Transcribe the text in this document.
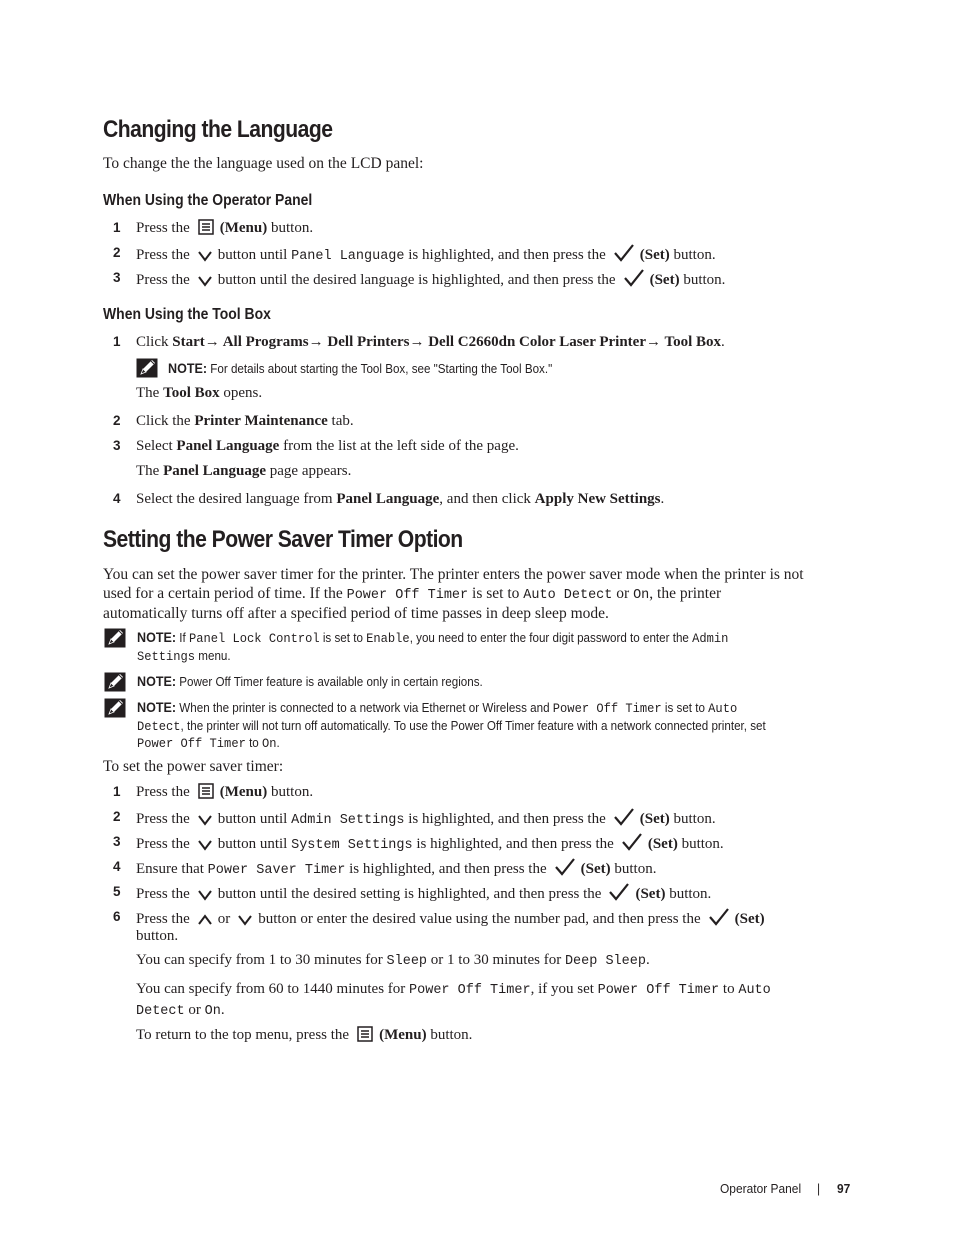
Changing the Language
To change the the language used on the LCD panel:
When Using the Operator Panel
1 Press the (Menu) button.
2 Press the button until Panel Language is highlighted, and then press the (Set) button.
3 Press the button until the desired language is highlighted, and then press the (Set) button.
When Using the Tool Box
1 Click Start→ All Programs→ Dell Printers→ Dell C2660dn Color Laser Printer→ Tool Box.
NOTE: For details about starting the Tool Box, see "Starting the Tool Box."
The Tool Box opens.
2 Click the Printer Maintenance tab.
3 Select Panel Language from the list at the left side of the page.
The Panel Language page appears.
4 Select the desired language from Panel Language, and then click Apply New Settings.
Setting the Power Saver Timer Option
You can set the power saver timer for the printer. The printer enters the power saver mode when the printer is not
used for a certain period of time. If the Power Off Timer is set to Auto Detect or On, the printer
automatically turns off after a specified period of time passes in deep sleep mode.
NOTE: If Panel Lock Control is set to Enable, you need to enter the four digit password to enter the Admin
Settings menu.
NOTE: Power Off Timer feature is available only in certain regions.
NOTE: When the printer is connected to a network via Ethernet or Wireless and Power Off Timer is set to Auto
Detect, the printer will not turn off automatically. To use the Power Off Timer feature with a network connected printer, set
Power Off Timer to On.
To set the power saver timer:
1 Press the (Menu) button.
2 Press the button until Admin Settings is highlighted, and then press the (Set) button.
3 Press the button until System Settings is highlighted, and then press the (Set) button.
4 Ensure that Power Saver Timer is highlighted, and then press the (Set) button.
5 Press the button until the desired setting is highlighted, and then press the (Set) button.
6 Press the or button or enter the desired value using the number pad, and then press the (Set)
button.
You can specify from 1 to 30 minutes for Sleep or 1 to 30 minutes for Deep Sleep.
You can specify from 60 to 1440 minutes for Power Off Timer, if you set Power Off Timer to Auto
Detect or On.
To return to the top menu, press the (Menu) button.
Operator Panel | 97
